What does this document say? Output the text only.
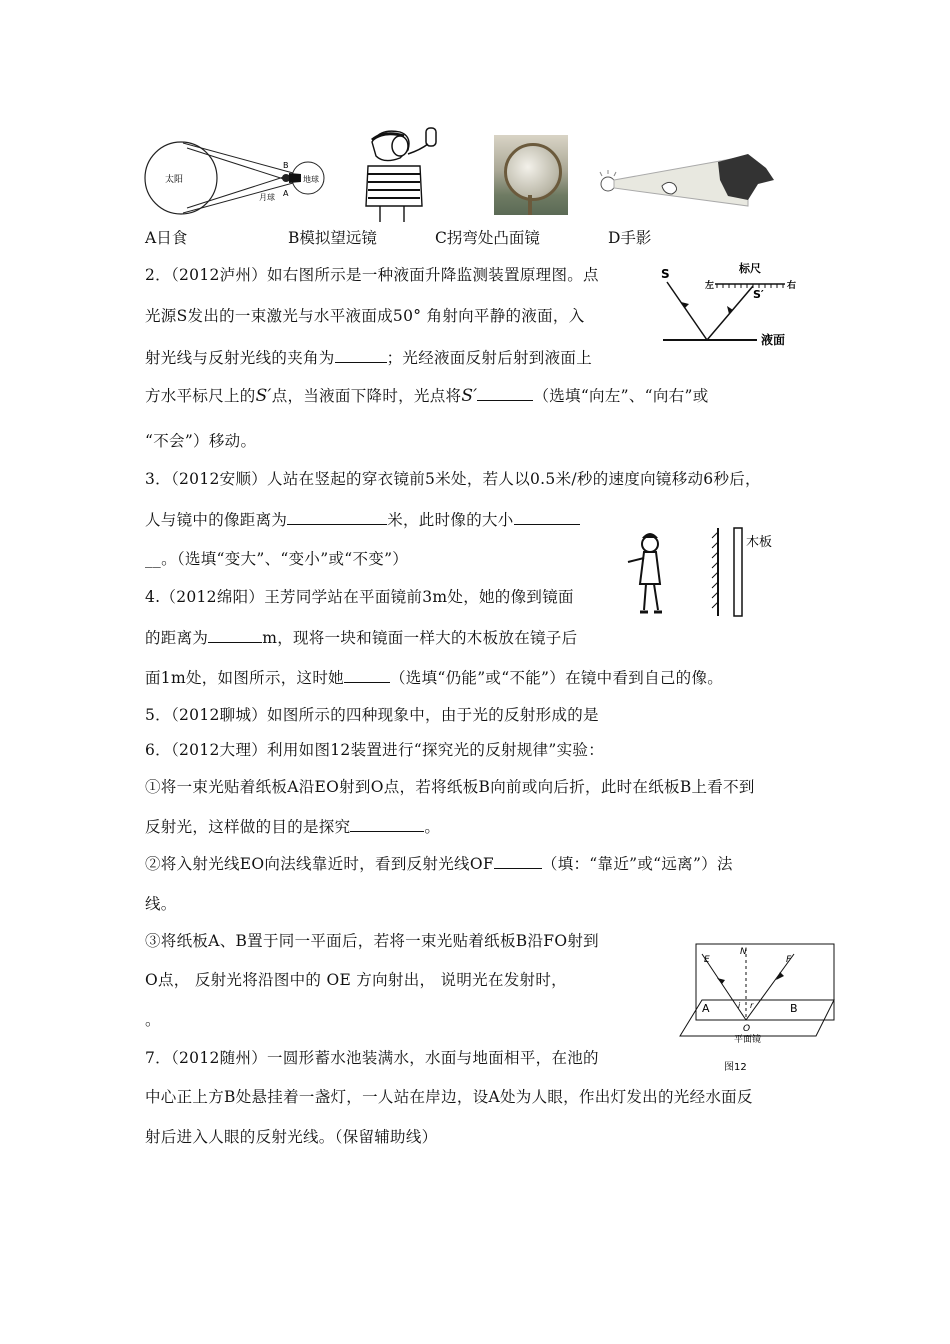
太阳	地球
月球
B
A
A日食	B模拟望远镜	C拐弯处凸面镜	D手影
2．（2012泸州）如右图所示是一种液面升降监测装置原理图。点
光源S发出的一束激光与水平液面成50° 角射向平静的液面，入
射光线与反射光线的夹角为	；光经液面反射后射到液面上
方水平标尺上的S′点，当液面下降时，光点将S′	（选填“向左”、“向右”或
“不会”）移动。
S	标尺
左	右
S′
液面
3．（2012安顺）人站在竖起的穿衣镜前5米处，若人以0.5米/秒的速度向镜移动6秒后，
人与镜中的像距离为	米，此时像的大小
__。（选填“变大”、“变小”或“不变”）
4.（2012绵阳）王芳同学站在平面镜前3m处，她的像到镜面
的距离为	m，现将一块和镜面一样大的木板放在镜子后
面1m处，如图所示，这时她	（选填“仍能”或“不能”）在镜中看到自己的像。
木板
5．（2012聊城）如图所示的四种现象中，由于光的反射形成的是
6．（2012大理）利用如图12装置进行“探究光的反射规律”实验：
①将一束光贴着纸板A沿EO射到O点，若将纸板B向前或向后折，此时在纸板B上看不到
反射光，这样做的目的是探究	。
②将入射光线EO向法线靠近时，看到反射光线OF	（填：“靠近”或“远离”）法
线。
③将纸板A、B置于同一平面后，若将一束光贴着纸板B沿FO射到
O点， 反射光将沿图中的 OE 方向射出， 说明光在发射时，
。
E
N
F
A	B
i r
O
平面镜
图12
7．（2012随州）一圆形蓄水池装满水，水面与地面相平，在池的
中心正上方B处悬挂着一盏灯，一人站在岸边，设A处为人眼，作出灯发出的光经水面反
射后进入人眼的反射光线。（保留辅助线）
